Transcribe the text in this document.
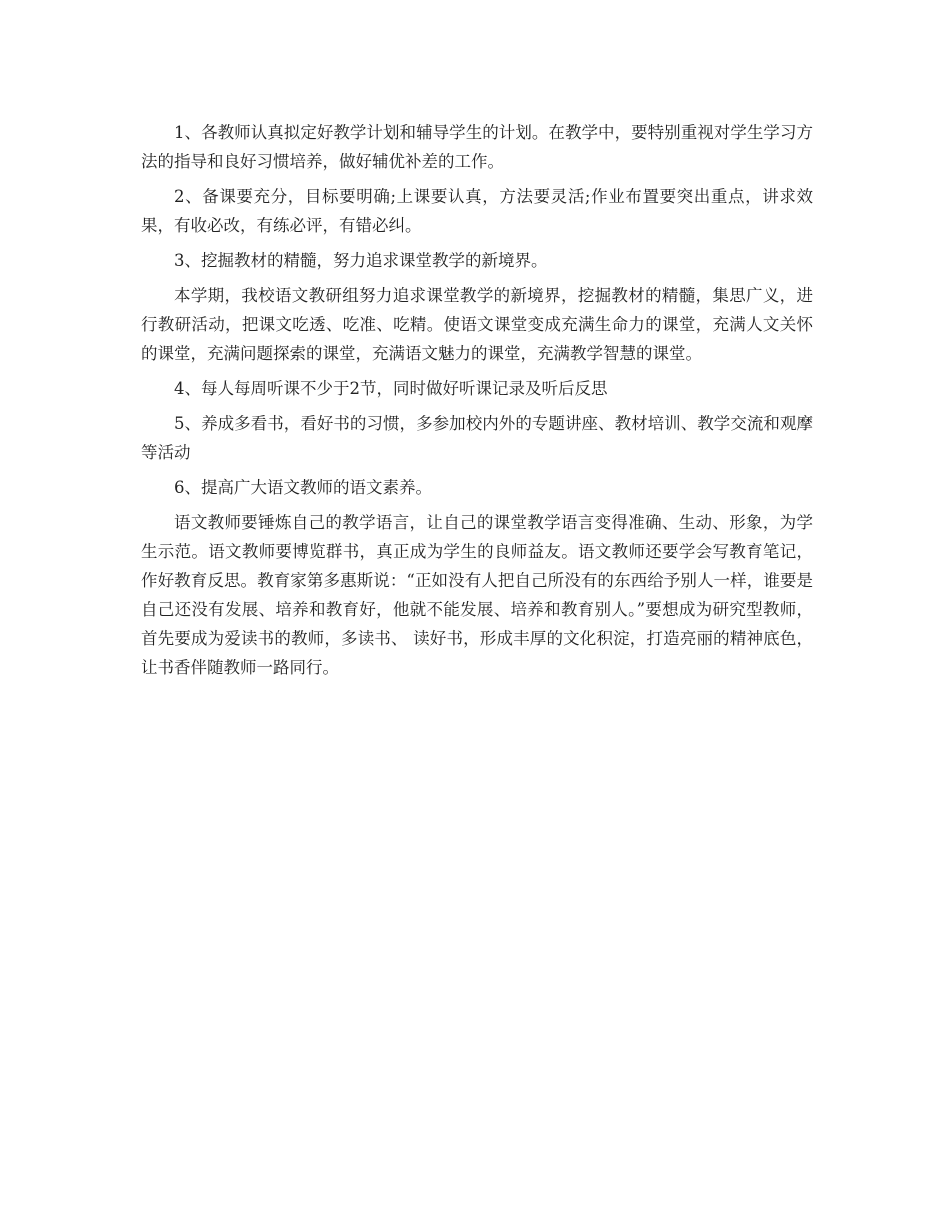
1、各教师认真拟定好教学计划和辅导学生的计划。在教学中，要特别重视对学生学习方法的指导和良好习惯培养，做好辅优补差的工作。

2、备课要充分，目标要明确;上课要认真，方法要灵活;作业布置要突出重点，讲求效果，有收必改，有练必评，有错必纠。

3、挖掘教材的精髓，努力追求课堂教学的新境界。

本学期，我校语文教研组努力追求课堂教学的新境界，挖掘教材的精髓，集思广义，进行教研活动，把课文吃透、吃准、吃精。使语文课堂变成充满生命力的课堂，充满人文关怀的课堂，充满问题探索的课堂，充满语文魅力的课堂，充满教学智慧的课堂。

4、每人每周听课不少于2节，同时做好听课记录及听后反思

5、养成多看书，看好书的习惯，多参加校内外的专题讲座、教材培训、教学交流和观摩等活动

6、提高广大语文教师的语文素养。

语文教师要锤炼自己的教学语言，让自己的课堂教学语言变得准确、生动、形象，为学生示范。语文教师要博览群书，真正成为学生的良师益友。语文教师还要学会写教育笔记，作好教育反思。教育家第多惠斯说：“正如没有人把自己所没有的东西给予别人一样，谁要是自己还没有发展、培养和教育好，他就不能发展、培养和教育别人。”要想成为研究型教师，首先要成为爱读书的教师，多读书、 读好书，形成丰厚的文化积淀，打造亮丽的精神底色，让书香伴随教师一路同行。
